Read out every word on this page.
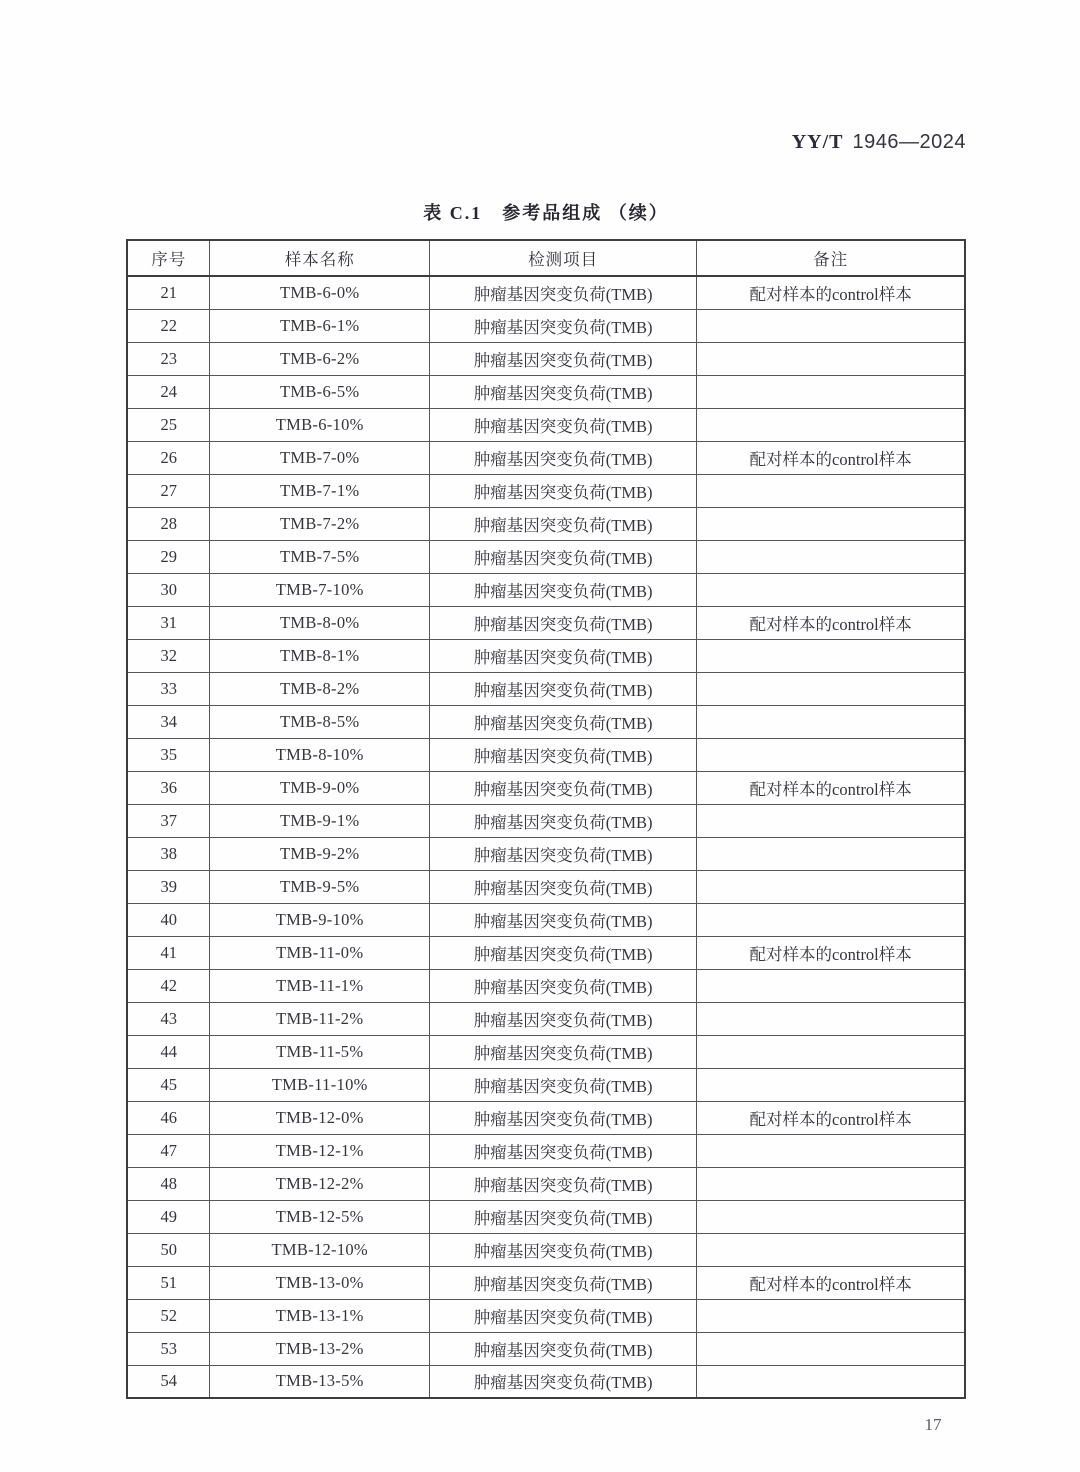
YY/T 1946—2024
表 C.1　参考品组成 （续）
序号	样本名称	检测项目	备注
21	TMB-6-0%	肿瘤基因突变负荷(TMB)	配对样本的control样本
22	TMB-6-1%	肿瘤基因突变负荷(TMB)	
23	TMB-6-2%	肿瘤基因突变负荷(TMB)	
24	TMB-6-5%	肿瘤基因突变负荷(TMB)	
25	TMB-6-10%	肿瘤基因突变负荷(TMB)	
26	TMB-7-0%	肿瘤基因突变负荷(TMB)	配对样本的control样本
27	TMB-7-1%	肿瘤基因突变负荷(TMB)	
28	TMB-7-2%	肿瘤基因突变负荷(TMB)	
29	TMB-7-5%	肿瘤基因突变负荷(TMB)	
30	TMB-7-10%	肿瘤基因突变负荷(TMB)	
31	TMB-8-0%	肿瘤基因突变负荷(TMB)	配对样本的control样本
32	TMB-8-1%	肿瘤基因突变负荷(TMB)	
33	TMB-8-2%	肿瘤基因突变负荷(TMB)	
34	TMB-8-5%	肿瘤基因突变负荷(TMB)	
35	TMB-8-10%	肿瘤基因突变负荷(TMB)	
36	TMB-9-0%	肿瘤基因突变负荷(TMB)	配对样本的control样本
37	TMB-9-1%	肿瘤基因突变负荷(TMB)	
38	TMB-9-2%	肿瘤基因突变负荷(TMB)	
39	TMB-9-5%	肿瘤基因突变负荷(TMB)	
40	TMB-9-10%	肿瘤基因突变负荷(TMB)	
41	TMB-11-0%	肿瘤基因突变负荷(TMB)	配对样本的control样本
42	TMB-11-1%	肿瘤基因突变负荷(TMB)	
43	TMB-11-2%	肿瘤基因突变负荷(TMB)	
44	TMB-11-5%	肿瘤基因突变负荷(TMB)	
45	TMB-11-10%	肿瘤基因突变负荷(TMB)	
46	TMB-12-0%	肿瘤基因突变负荷(TMB)	配对样本的control样本
47	TMB-12-1%	肿瘤基因突变负荷(TMB)	
48	TMB-12-2%	肿瘤基因突变负荷(TMB)	
49	TMB-12-5%	肿瘤基因突变负荷(TMB)	
50	TMB-12-10%	肿瘤基因突变负荷(TMB)	
51	TMB-13-0%	肿瘤基因突变负荷(TMB)	配对样本的control样本
52	TMB-13-1%	肿瘤基因突变负荷(TMB)	
53	TMB-13-2%	肿瘤基因突变负荷(TMB)	
54	TMB-13-5%	肿瘤基因突变负荷(TMB)	
17
